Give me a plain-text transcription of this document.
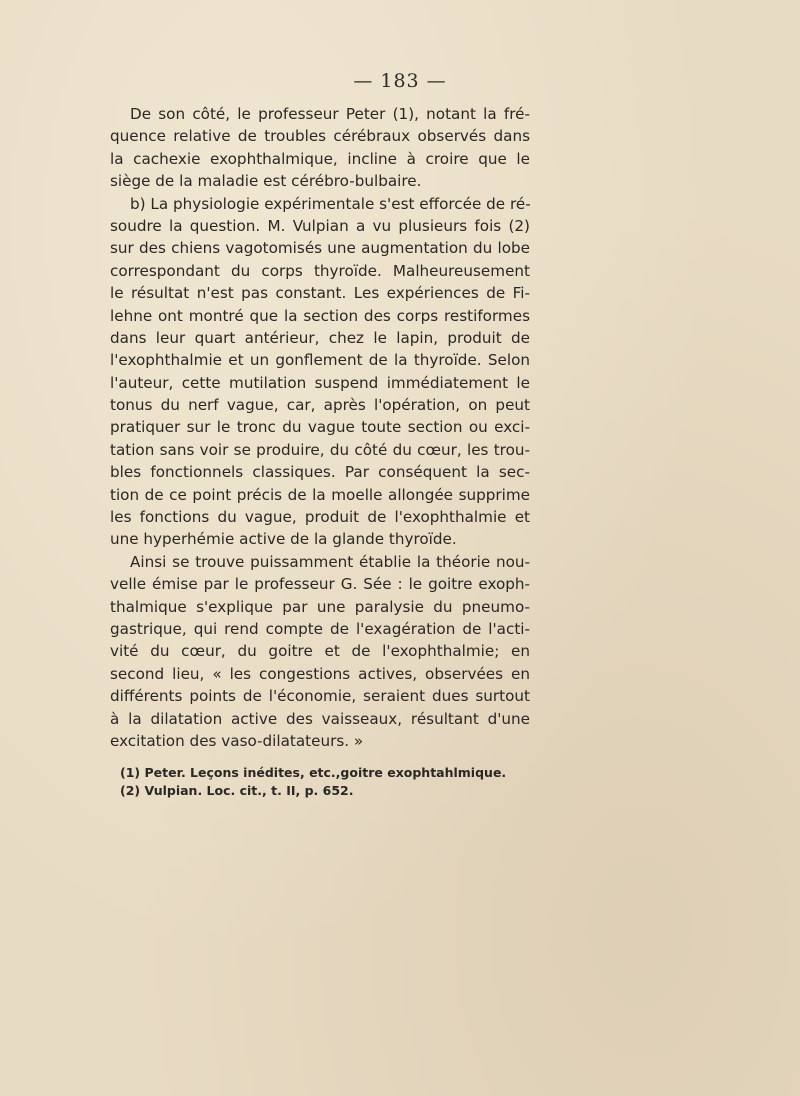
— 183 —
De son côté, le professeur Peter (1), notant la fré-
quence relative de troubles cérébraux observés dans
la cachexie exophthalmique, incline à croire que le
siège de la maladie est cérébro-bulbaire.
b) La physiologie expérimentale s'est efforcée de ré-
soudre la question. M. Vulpian a vu plusieurs fois (2)
sur des chiens vagotomisés une augmentation du lobe
correspondant du corps thyroïde. Malheureusement
le résultat n'est pas constant. Les expériences de Fi-
lehne ont montré que la section des corps restiformes
dans leur quart antérieur, chez le lapin, produit de
l'exophthalmie et un gonflement de la thyroïde. Selon
l'auteur, cette mutilation suspend immédiatement le
tonus du nerf vague, car, après l'opération, on peut
pratiquer sur le tronc du vague toute section ou exci-
tation sans voir se produire, du côté du cœur, les trou-
bles fonctionnels classiques. Par conséquent la sec-
tion de ce point précis de la moelle allongée supprime
les fonctions du vague, produit de l'exophthalmie et
une hyperhémie active de la glande thyroïde.
Ainsi se trouve puissamment établie la théorie nou-
velle émise par le professeur G. Sée : le goitre exoph-
thalmique s'explique par une paralysie du pneumo-
gastrique, qui rend compte de l'exagération de l'acti-
vité du cœur, du goitre et de l'exophthalmie; en
second lieu, « les congestions actives, observées en
différents points de l'économie, seraient dues surtout
à la dilatation active des vaisseaux, résultant d'une
excitation des vaso-dilatateurs. »
(1) Peter. Leçons inédites, etc.,goitre exophtahlmique.
(2) Vulpian. Loc. cit., t. II, p. 652.
